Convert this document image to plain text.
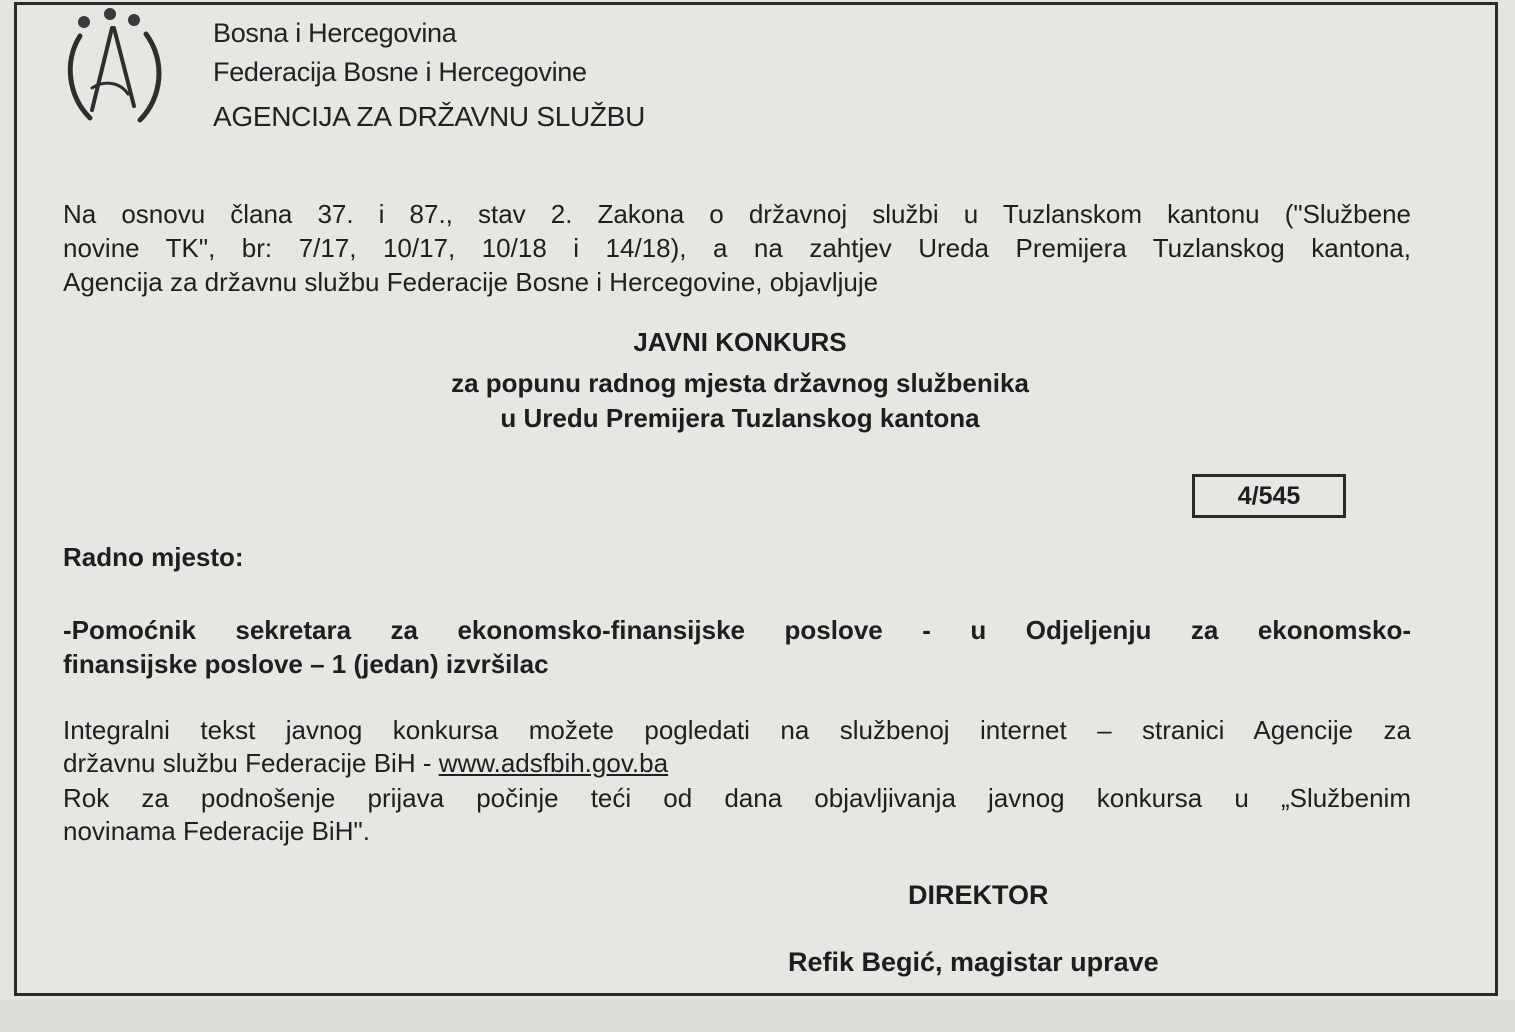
Bosna i Hercegovina
Federacija Bosne i Hercegovine
AGENCIJA ZA DRŽAVNU SLUŽBU
Na osnovu člana 37. i 87., stav 2. Zakona o državnoj službi u Tuzlanskom kantonu ("Službene
novine TK", br: 7/17, 10/17, 10/18 i 14/18), a na zahtjev Ureda Premijera Tuzlanskog kantona,
Agencija za državnu službu Federacije Bosne i Hercegovine, objavljuje
JAVNI KONKURS
za popunu radnog mjesta državnog službenika
u Uredu Premijera Tuzlanskog kantona
4/545
Radno mjesto:
-Pomoćnik sekretara za ekonomsko-finansijske poslove - u Odjeljenju za ekonomsko-
finansijske poslove – 1 (jedan) izvršilac
Integralni tekst javnog konkursa možete pogledati na službenoj internet – stranici Agencije za
državnu službu Federacije BiH - www.adsfbih.gov.ba
Rok za podnošenje prijava počinje teći od dana objavljivanja javnog konkursa u „Službenim
novinama Federacije BiH".
DIREKTOR
Refik Begić, magistar uprave
